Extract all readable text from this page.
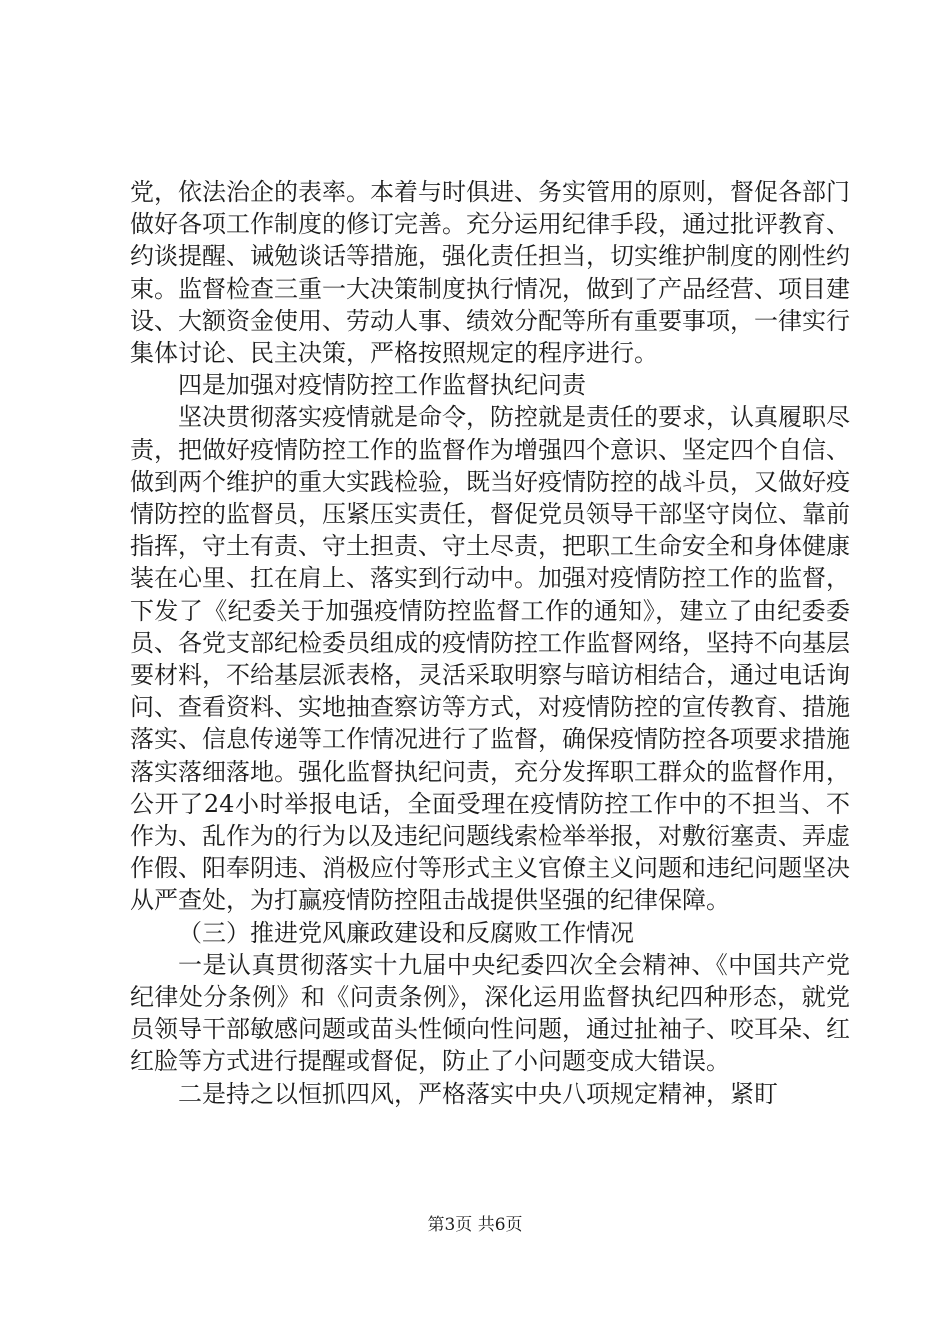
党，依法治企的表率。本着与时俱进、务实管用的原则，督促各部门做好各项工作制度的修订完善。充分运用纪律手段，通过批评教育、约谈提醒、诫勉谈话等措施，强化责任担当，切实维护制度的刚性约束。监督检查三重一大决策制度执行情况，做到了产品经营、项目建设、大额资金使用、劳动人事、绩效分配等所有重要事项，一律实行集体讨论、民主决策，严格按照规定的程序进行。

四是加强对疫情防控工作监督执纪问责

坚决贯彻落实疫情就是命令，防控就是责任的要求，认真履职尽责，把做好疫情防控工作的监督作为增强四个意识、坚定四个自信、做到两个维护的重大实践检验，既当好疫情防控的战斗员，又做好疫情防控的监督员，压紧压实责任，督促党员领导干部坚守岗位、靠前指挥，守土有责、守土担责、守土尽责，把职工生命安全和身体健康装在心里、扛在肩上、落实到行动中。加强对疫情防控工作的监督，下发了《纪委关于加强疫情防控监督工作的通知》，建立了由纪委委员、各党支部纪检委员组成的疫情防控工作监督网络，坚持不向基层要材料，不给基层派表格，灵活采取明察与暗访相结合，通过电话询问、查看资料、实地抽查察访等方式，对疫情防控的宣传教育、措施落实、信息传递等工作情况进行了监督，确保疫情防控各项要求措施落实落细落地。强化监督执纪问责，充分发挥职工群众的监督作用，公开了24小时举报电话，全面受理在疫情防控工作中的不担当、不作为、乱作为的行为以及违纪问题线索检举举报，对敷衍塞责、弄虚作假、阳奉阴违、消极应付等形式主义官僚主义问题和违纪问题坚决从严查处，为打赢疫情防控阻击战提供坚强的纪律保障。

（三）推进党风廉政建设和反腐败工作情况

一是认真贯彻落实十九届中央纪委四次全会精神、《中国共产党纪律处分条例》和《问责条例》，深化运用监督执纪四种形态，就党员领导干部敏感问题或苗头性倾向性问题，通过扯袖子、咬耳朵、红红脸等方式进行提醒或督促，防止了小问题变成大错误。

二是持之以恒抓四风，严格落实中央八项规定精神，紧盯

第3页 共6页
